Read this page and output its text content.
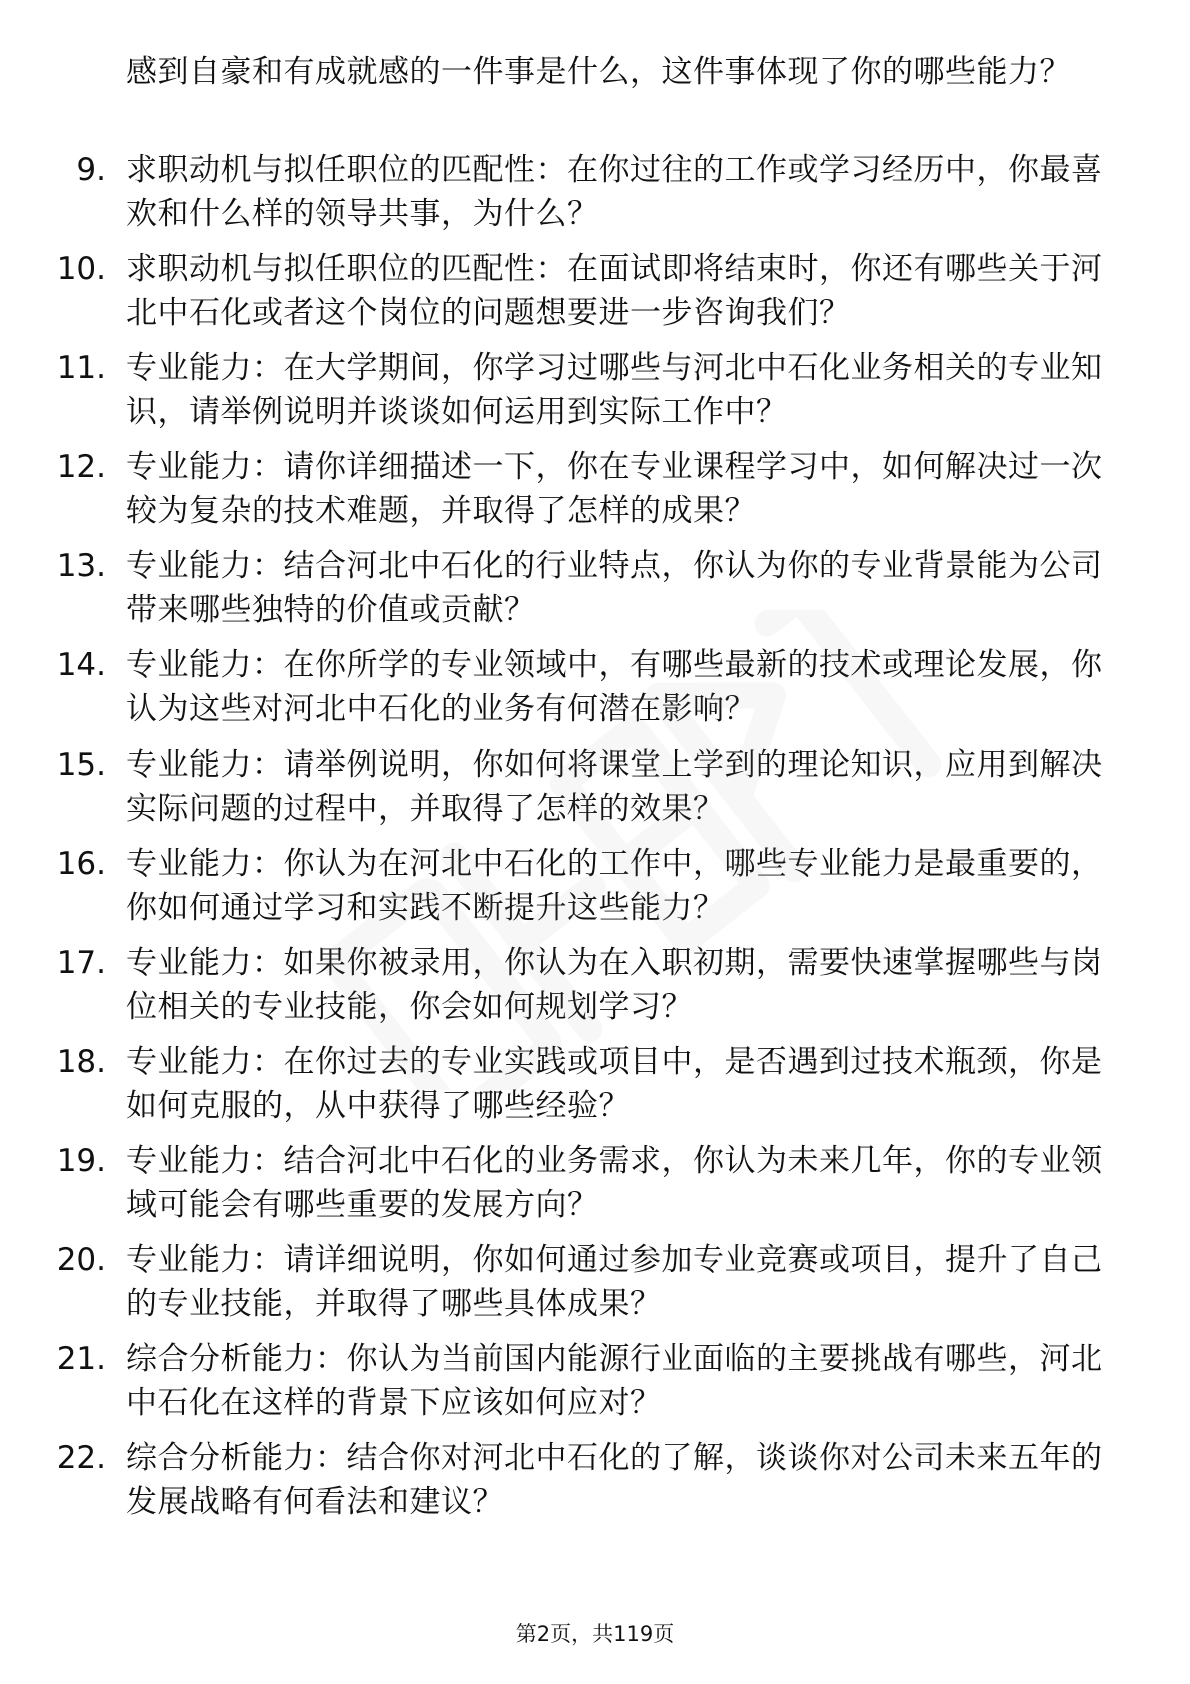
感到自豪和有成就感的一件事是什么，这件事体现了你的哪些能力？
9. 求职动机与拟任职位的匹配性：在你过往的工作或学习经历中，你最喜欢和什么样的领导共事，为什么？
10. 求职动机与拟任职位的匹配性：在面试即将结束时，你还有哪些关于河北中石化或者这个岗位的问题想要进一步咨询我们？
11. 专业能力：在大学期间，你学习过哪些与河北中石化业务相关的专业知识，请举例说明并谈谈如何运用到实际工作中？
12. 专业能力：请你详细描述一下，你在专业课程学习中，如何解决过一次较为复杂的技术难题，并取得了怎样的成果？
13. 专业能力：结合河北中石化的行业特点，你认为你的专业背景能为公司带来哪些独特的价值或贡献？
14. 专业能力：在你所学的专业领域中，有哪些最新的技术或理论发展，你认为这些对河北中石化的业务有何潜在影响？
15. 专业能力：请举例说明，你如何将课堂上学到的理论知识，应用到解决实际问题的过程中，并取得了怎样的效果？
16. 专业能力：你认为在河北中石化的工作中，哪些专业能力是最重要的，你如何通过学习和实践不断提升这些能力？
17. 专业能力：如果你被录用，你认为在入职初期，需要快速掌握哪些与岗位相关的专业技能，你会如何规划学习？
18. 专业能力：在你过去的专业实践或项目中，是否遇到过技术瓶颈，你是如何克服的，从中获得了哪些经验？
19. 专业能力：结合河北中石化的业务需求，你认为未来几年，你的专业领域可能会有哪些重要的发展方向？
20. 专业能力：请详细说明，你如何通过参加专业竞赛或项目，提升了自己的专业技能，并取得了哪些具体成果？
21. 综合分析能力：你认为当前国内能源行业面临的主要挑战有哪些，河北中石化在这样的背景下应该如何应对？
22. 综合分析能力：结合你对河北中石化的了解，谈谈你对公司未来五年的发展战略有何看法和建议？
第2页，共119页
